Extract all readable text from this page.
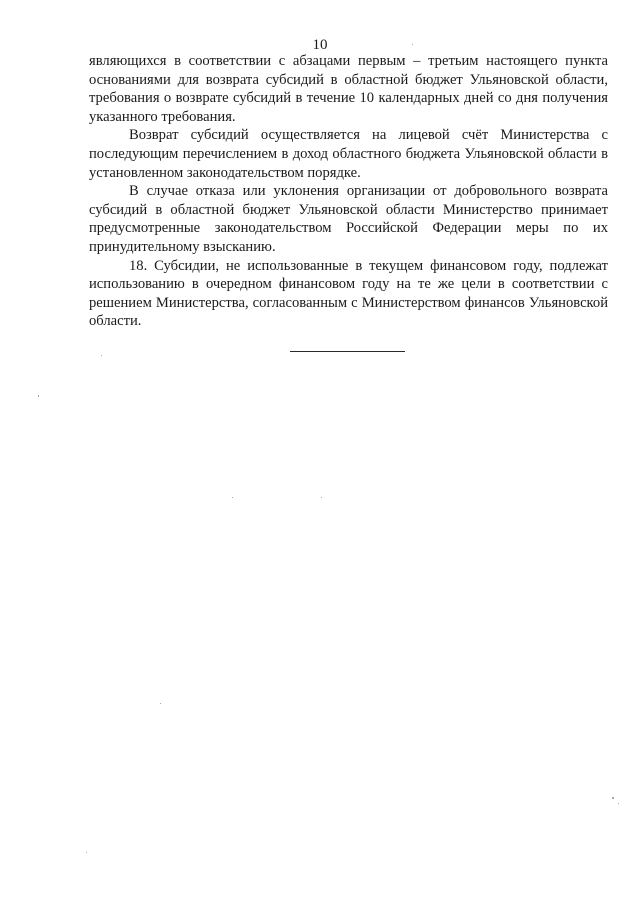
10

являющихся в соответствии с абзацами первым – третьим настоящего пункта основаниями для возврата субсидий в областной бюджет Ульяновской области, требования о возврате субсидий в течение 10 календарных дней со дня получения указанного требования.

Возврат субсидий осуществляется на лицевой счёт Министерства с последующим перечислением в доход областного бюджета Ульяновской области в установленном законодательством порядке.

В случае отказа или уклонения организации от добровольного возврата субсидий в областной бюджет Ульяновской области Министерство принимает предусмотренные законодательством Российской Федерации меры по их принудительному взысканию.

18. Субсидии, не использованные в текущем финансовом году, подлежат использованию в очередном финансовом году на те же цели в соответствии с решением Министерства, согласованным с Министерством финансов Ульяновской области.
